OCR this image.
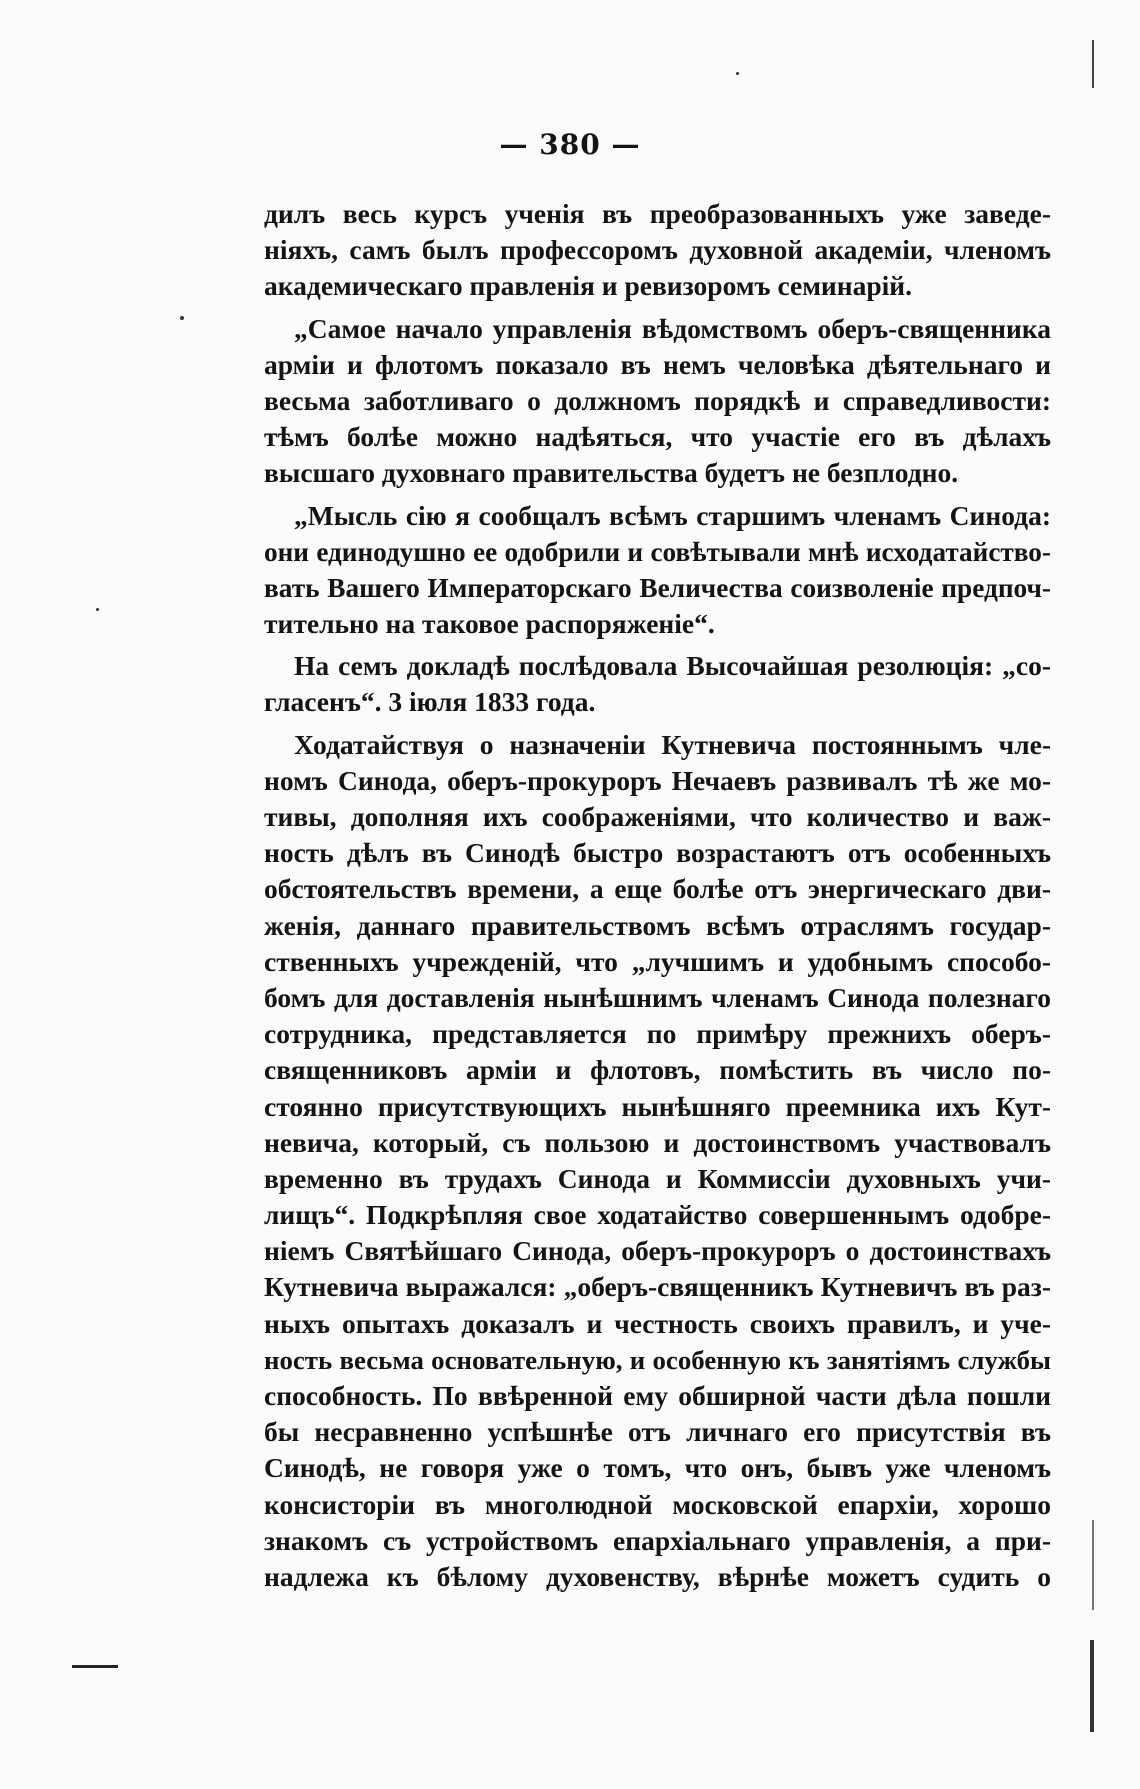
— 380 —
дилъ весь курсъ ученія въ преобразованныхъ уже заведе-
ніяхъ, самъ былъ профессоромъ духовной академіи, членомъ
академическаго правленія и ревизоромъ семинарій.
„Самое начало управленія вѣдомствомъ оберъ-священника
арміи и флотомъ показало въ немъ человѣка дѣятельнаго и
весьма заботливаго о должномъ порядкѣ и справедливости:
тѣмъ болѣе можно надѣяться, что участіе его въ дѣлахъ
высшаго духовнаго правительства будетъ не безплодно.
„Мысль сію я сообщалъ всѣмъ старшимъ членамъ Синода:
они единодушно ее одобрили и совѣтывали мнѣ исходатайство-
вать Вашего Императорскаго Величества соизволеніе предпоч-
тительно на таковое распоряженіе“.
На семъ докладѣ послѣдовала Высочайшая резолюція: „со-
гласенъ“. 3 іюля 1833 года.
Ходатайствуя о назначеніи Кутневича постояннымъ чле-
номъ Синода, оберъ-прокуроръ Нечаевъ развивалъ тѣ же мо-
тивы, дополняя ихъ соображеніями, что количество и важ-
ность дѣлъ въ Синодѣ быстро возрастаютъ отъ особенныхъ
обстоятельствъ времени, а еще болѣе отъ энергическаго дви-
женія, даннаго правительствомъ всѣмъ отраслямъ государ-
ственныхъ учрежденій, что „лучшимъ и удобнымъ способо-
бомъ для доставленія нынѣшнимъ членамъ Синода полезнаго
сотрудника, представляется по примѣру прежнихъ оберъ-
священниковъ арміи и флотовъ, помѣстить въ число по-
стоянно присутствующихъ нынѣшняго преемника ихъ Кут-
невича, который, съ пользою и достоинствомъ участвовалъ
временно въ трудахъ Синода и Коммиссіи духовныхъ учи-
лищъ“. Подкрѣпляя свое ходатайство совершеннымъ одобре-
ніемъ Святѣйшаго Синода, оберъ-прокуроръ о достоинствахъ
Кутневича выражался: „оберъ-священникъ Кутневичъ въ раз-
ныхъ опытахъ доказалъ и честность своихъ правилъ, и уче-
ность весьма основательную, и особенную къ занятіямъ службы
способность. По ввѣренной ему обширной части дѣла пошли
бы несравненно успѣшнѣе отъ личнаго его присутствія въ
Синодѣ, не говоря уже о томъ, что онъ, бывъ уже членомъ
консисторіи въ многолюдной московской епархіи, хорошо
знакомъ съ устройствомъ епархіальнаго управленія, а при-
надлежа къ бѣлому духовенству, вѣрнѣе можетъ судить о
